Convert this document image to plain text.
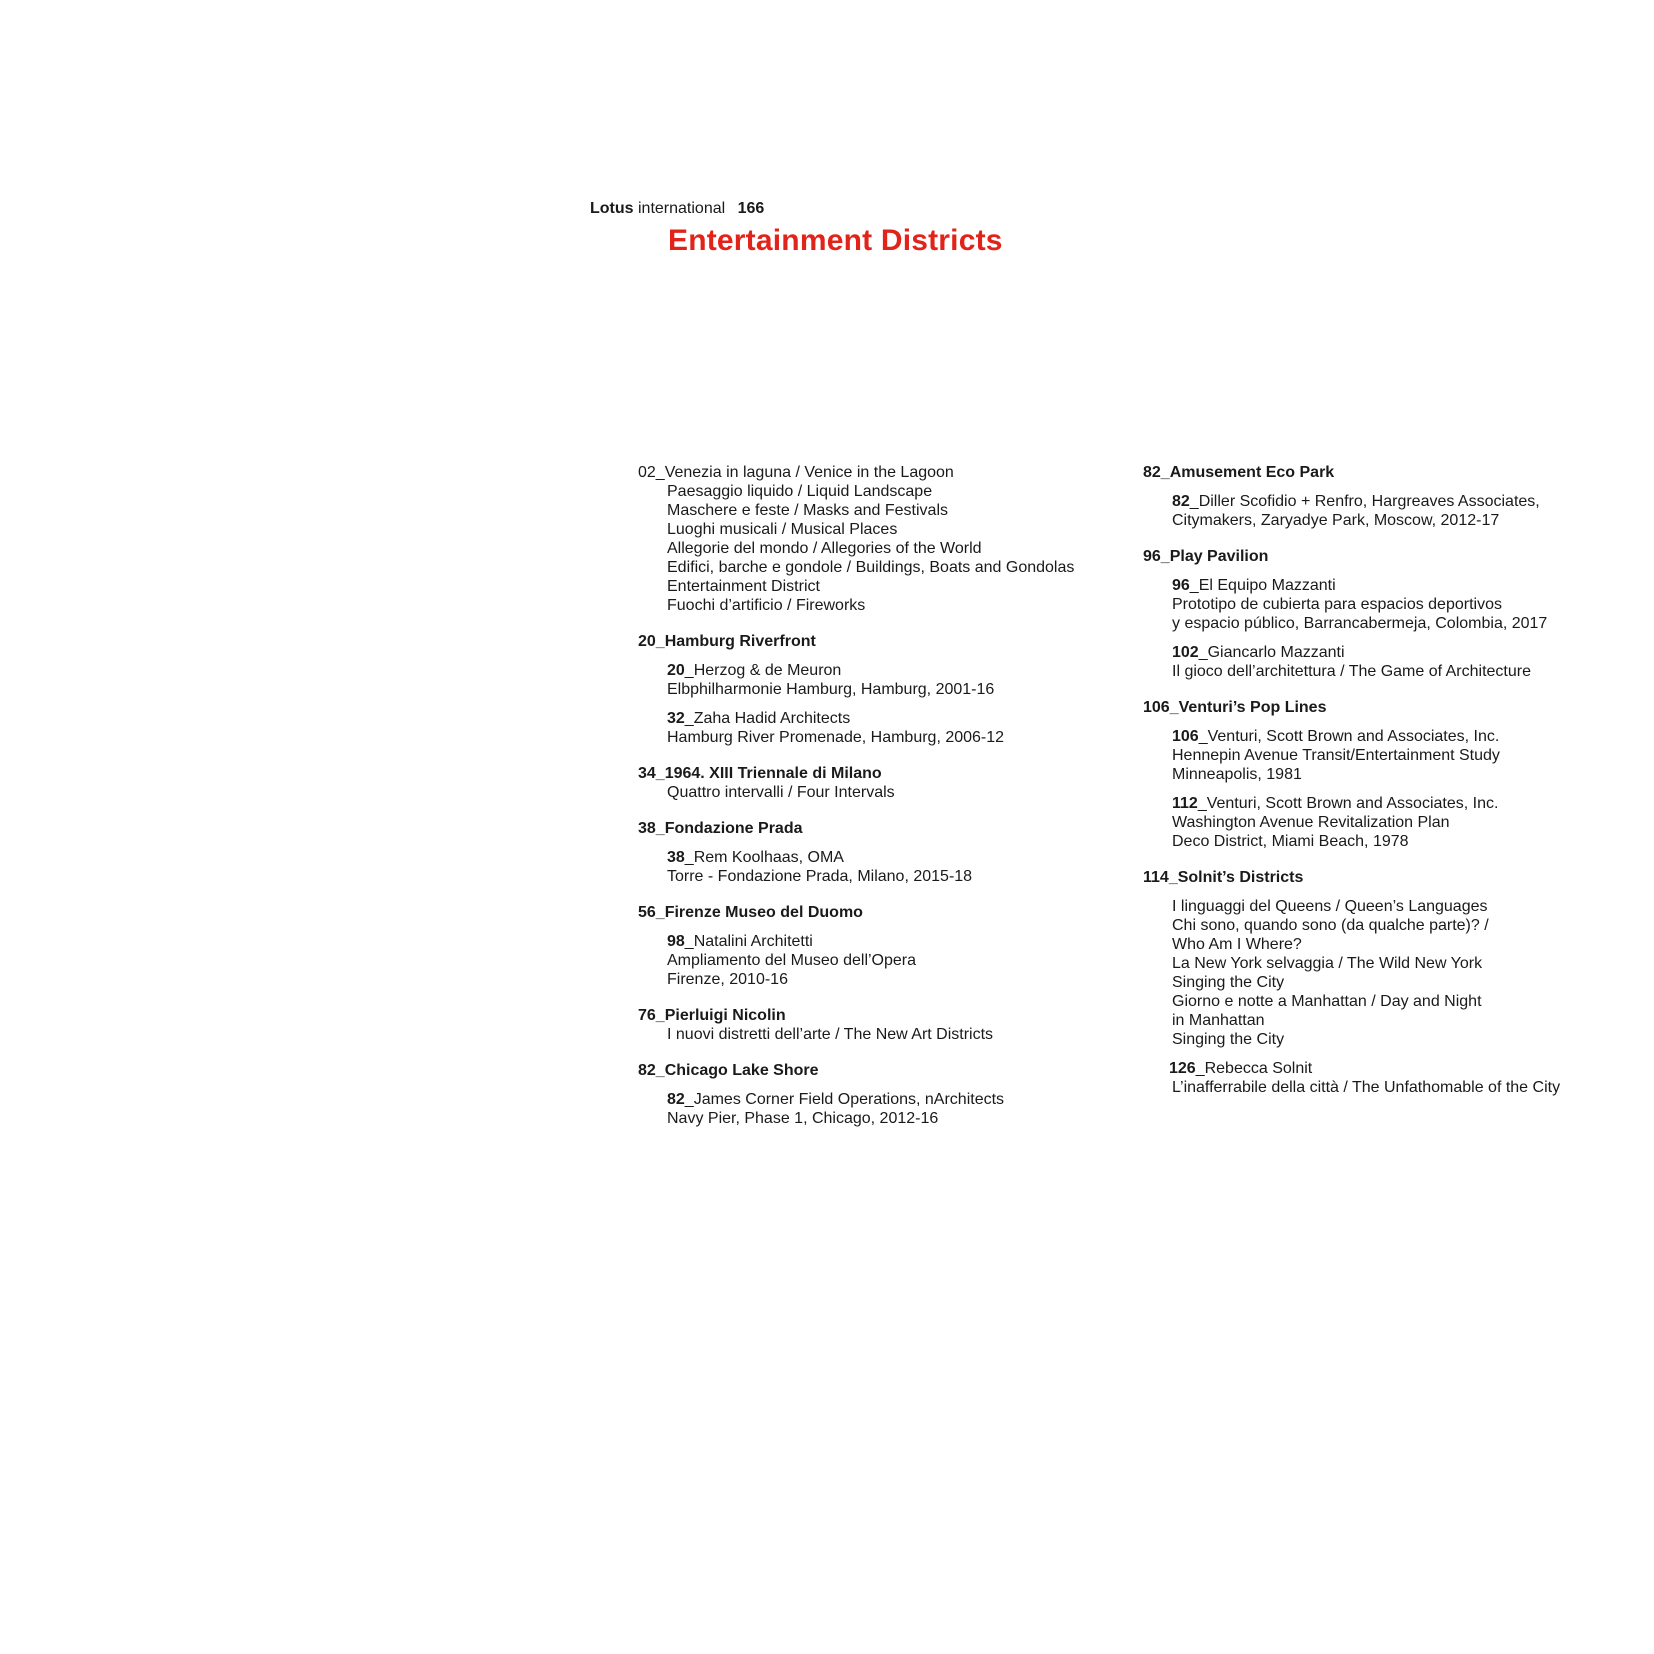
Lotus international 166
Entertainment Districts
02_Venezia in laguna / Venice in the Lagoon
Paesaggio liquido / Liquid Landscape
Maschere e feste / Masks and Festivals
Luoghi musicali / Musical Places
Allegorie del mondo / Allegories of the World
Edifici, barche e gondole / Buildings, Boats and Gondolas
Entertainment District
Fuochi d’artificio / Fireworks
20_Hamburg Riverfront
20_Herzog & de Meuron
Elbphilharmonie Hamburg, Hamburg, 2001-16
32_Zaha Hadid Architects
Hamburg River Promenade, Hamburg, 2006-12
34_1964. XIII Triennale di Milano
Quattro intervalli / Four Intervals
38_Fondazione Prada
38_Rem Koolhaas, OMA
Torre - Fondazione Prada, Milano, 2015-18
56_Firenze Museo del Duomo
98_Natalini Architetti
Ampliamento del Museo dell’Opera
Firenze, 2010-16
76_Pierluigi Nicolin
I nuovi distretti dell’arte / The New Art Districts
82_Chicago Lake Shore
82_James Corner Field Operations, nArchitects
Navy Pier, Phase 1, Chicago, 2012-16
82_Amusement Eco Park
82_Diller Scofidio + Renfro, Hargreaves Associates,
Citymakers, Zaryadye Park, Moscow, 2012-17
96_Play Pavilion
96_El Equipo Mazzanti
Prototipo de cubierta para espacios deportivos
y espacio público, Barrancabermeja, Colombia, 2017
102_Giancarlo Mazzanti
Il gioco dell’architettura / The Game of Architecture
106_Venturi’s Pop Lines
106_Venturi, Scott Brown and Associates, Inc.
Hennepin Avenue Transit/Entertainment Study
Minneapolis, 1981
112_Venturi, Scott Brown and Associates, Inc.
Washington Avenue Revitalization Plan
Deco District, Miami Beach, 1978
114_Solnit’s Districts
I linguaggi del Queens / Queen’s Languages
Chi sono, quando sono (da qualche parte)? /
Who Am I Where?
La New York selvaggia / The Wild New York
Singing the City
Giorno e notte a Manhattan / Day and Night
in Manhattan
Singing the City
126_Rebecca Solnit
L’inafferrabile della città / The Unfathomable of the City
